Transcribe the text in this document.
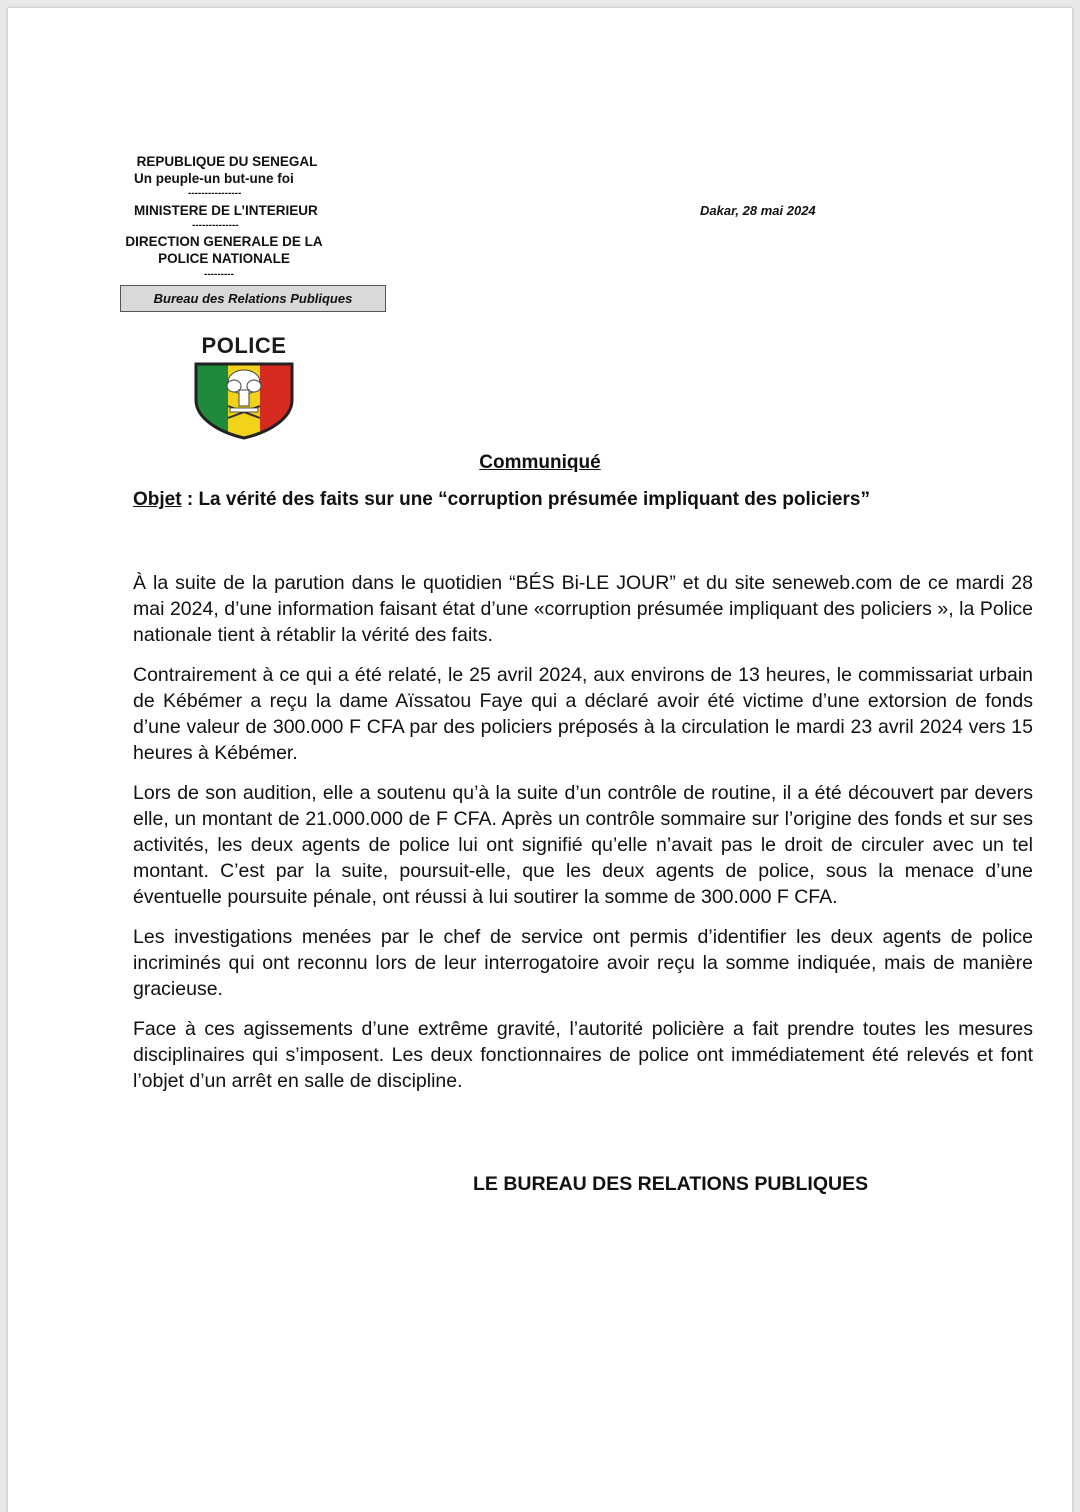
REPUBLIQUE DU SENEGAL
Un peuple-un but-une foi
----------------
MINISTERE DE L’INTERIEUR
--------------
DIRECTION GENERALE DE LA
POLICE NATIONALE
---------
Bureau des Relations Publiques
Dakar, 28 mai 2024
POLICE
Communiqué
Objet : La vérité des faits sur une “corruption présumée impliquant des policiers”

À la suite de la parution dans le quotidien “BÉS Bi-LE JOUR” et du site seneweb.com de ce mardi 28 mai 2024, d’une information faisant état d’une «corruption présumée impliquant des policiers », la Police nationale tient à rétablir la vérité des faits.

Contrairement à ce qui a été relaté, le 25 avril 2024, aux environs de 13 heures, le commissariat urbain de Kébémer a reçu la dame Aïssatou Faye qui a déclaré avoir été victime d’une extorsion de fonds d’une valeur de 300.000 F CFA par des policiers préposés à la circulation le mardi 23 avril 2024 vers 15 heures à Kébémer.

Lors de son audition, elle a soutenu qu’à la suite d’un contrôle de routine, il a été découvert par devers elle, un montant de 21.000.000 de F CFA. Après un contrôle sommaire sur l’origine des fonds et sur ses activités, les deux agents de police lui ont signifié qu’elle n’avait pas le droit de circuler avec un tel montant. C’est par la suite, poursuit-elle, que les deux agents de police, sous la menace d’une éventuelle poursuite pénale, ont réussi à lui soutirer la somme de 300.000 F CFA.

Les investigations menées par le chef de service ont permis d’identifier les deux agents de police incriminés qui ont reconnu lors de leur interrogatoire avoir reçu la somme indiquée, mais de manière gracieuse.

Face à ces agissements d’une extrême gravité, l’autorité policière a fait prendre toutes les mesures disciplinaires qui s’imposent. Les deux fonctionnaires de police ont immédiatement été relevés et font l’objet d’un arrêt en salle de discipline.

LE BUREAU DES RELATIONS PUBLIQUES
